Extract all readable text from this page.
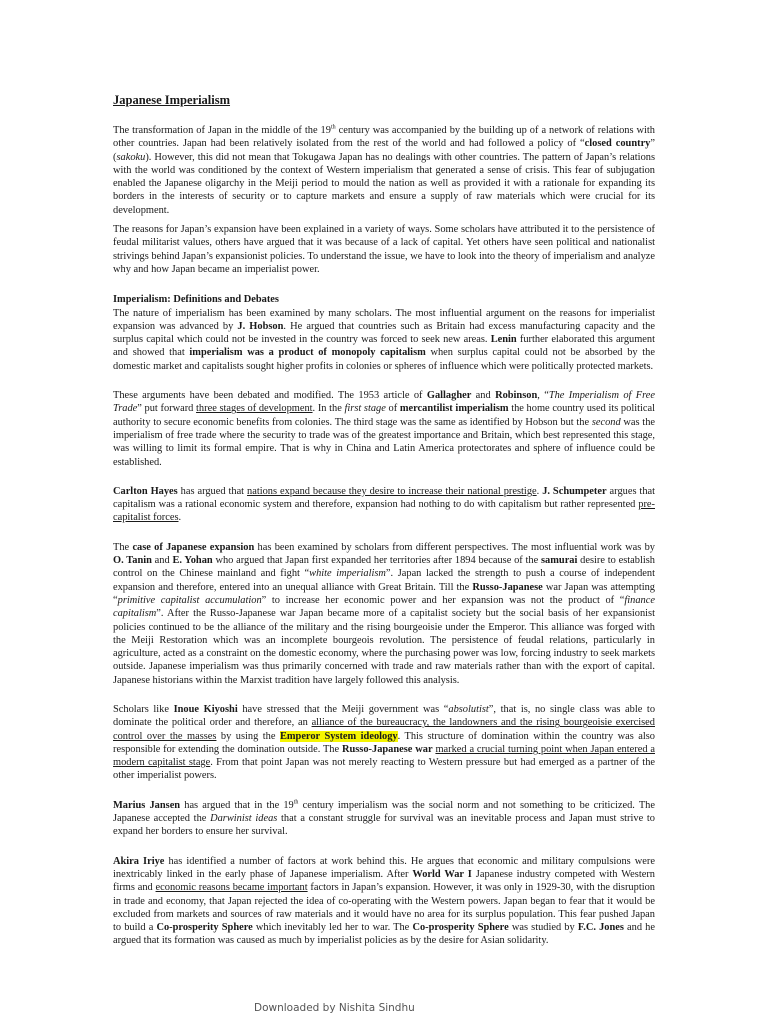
Japanese Imperialism

The transformation of Japan in the middle of the 19th century was accompanied by the building up of a network of relations with other countries. Japan had been relatively isolated from the rest of the world and had followed a policy of “closed country” (sakoku). However, this did not mean that Tokugawa Japan has no dealings with other countries. The pattern of Japan’s relations with the world was conditioned by the context of Western imperialism that generated a sense of crisis. This fear of subjugation enabled the Japanese oligarchy in the Meiji period to mould the nation as well as provided it with a rationale for expanding its borders in the interests of security or to capture markets and ensure a supply of raw materials which were crucial for its development.

The reasons for Japan’s expansion have been explained in a variety of ways. Some scholars have attributed it to the persistence of feudal militarist values, others have argued that it was because of a lack of capital. Yet others have seen political and nationalist strivings behind Japan’s expansionist policies. To understand the issue, we have to look into the theory of imperialism and analyze why and how Japan became an imperialist power.

Imperialism: Definitions and Debates

The nature of imperialism has been examined by many scholars. The most influential argument on the reasons for imperialist expansion was advanced by J. Hobson. He argued that countries such as Britain had excess manufacturing capacity and the surplus capital which could not be invested in the country was forced to seek new areas. Lenin further elaborated this argument and showed that imperialism was a product of monopoly capitalism when surplus capital could not be absorbed by the domestic market and capitalists sought higher profits in colonies or spheres of influence which were politically protected markets.

These arguments have been debated and modified. The 1953 article of Gallagher and Robinson, “The Imperialism of Free Trade” put forward three stages of development. In the first stage of mercantilist imperialism the home country used its political authority to secure economic benefits from colonies. The third stage was the same as identified by Hobson but the second was the imperialism of free trade where the security to trade was of the greatest importance and Britain, which best represented this stage, was willing to limit its formal empire. That is why in China and Latin America protectorates and sphere of influence could be established.

Carlton Hayes has argued that nations expand because they desire to increase their national prestige. J. Schumpeter argues that capitalism was a rational economic system and therefore, expansion had nothing to do with capitalism but rather represented pre-capitalist forces.

The case of Japanese expansion has been examined by scholars from different perspectives. The most influential work was by O. Tanin and E. Yohan who argued that Japan first expanded her territories after 1894 because of the samurai desire to establish control on the Chinese mainland and fight “white imperialism”. Japan lacked the strength to push a course of independent expansion and therefore, entered into an unequal alliance with Great Britain. Till the Russo-Japanese war Japan was attempting “primitive capitalist accumulation” to increase her economic power and her expansion was not the product of “finance capitalism”. After the Russo-Japanese war Japan became more of a capitalist society but the social basis of her expansionist policies continued to be the alliance of the military and the rising bourgeoisie under the Emperor. This alliance was forged with the Meiji Restoration which was an incomplete bourgeois revolution. The persistence of feudal relations, particularly in agriculture, acted as a constraint on the domestic economy, where the purchasing power was low, forcing industry to seek markets outside. Japanese imperialism was thus primarily concerned with trade and raw materials rather than with the export of capital. Japanese historians within the Marxist tradition have largely followed this analysis.

Scholars like Inoue Kiyoshi have stressed that the Meiji government was “absolutist”, that is, no single class was able to dominate the political order and therefore, an alliance of the bureaucracy, the landowners and the rising bourgeoisie exercised control over the masses by using the Emperor System ideology. This structure of domination within the country was also responsible for extending the domination outside. The Russo-Japanese war marked a crucial turning point when Japan entered a modern capitalist stage. From that point Japan was not merely reacting to Western pressure but had emerged as a partner of the other imperialist powers.

Marius Jansen has argued that in the 19th century imperialism was the social norm and not something to be criticized. The Japanese accepted the Darwinist ideas that a constant struggle for survival was an inevitable process and Japan must strive to expand her borders to ensure her survival.

Akira Iriye has identified a number of factors at work behind this. He argues that economic and military compulsions were inextricably linked in the early phase of Japanese imperialism. After World War I Japanese industry competed with Western firms and economic reasons became important factors in Japan’s expansion. However, it was only in 1929-30, with the disruption in trade and economy, that Japan rejected the idea of co-operating with the Western powers. Japan began to fear that it would be excluded from markets and sources of raw materials and it would have no area for its surplus population. This fear pushed Japan to build a Co-prosperity Sphere which inevitably led her to war. The Co-prosperity Sphere was studied by F.C. Jones and he argued that its formation was caused as much by imperialist policies as by the desire for Asian solidarity.

Downloaded by Nishita Sindhu
